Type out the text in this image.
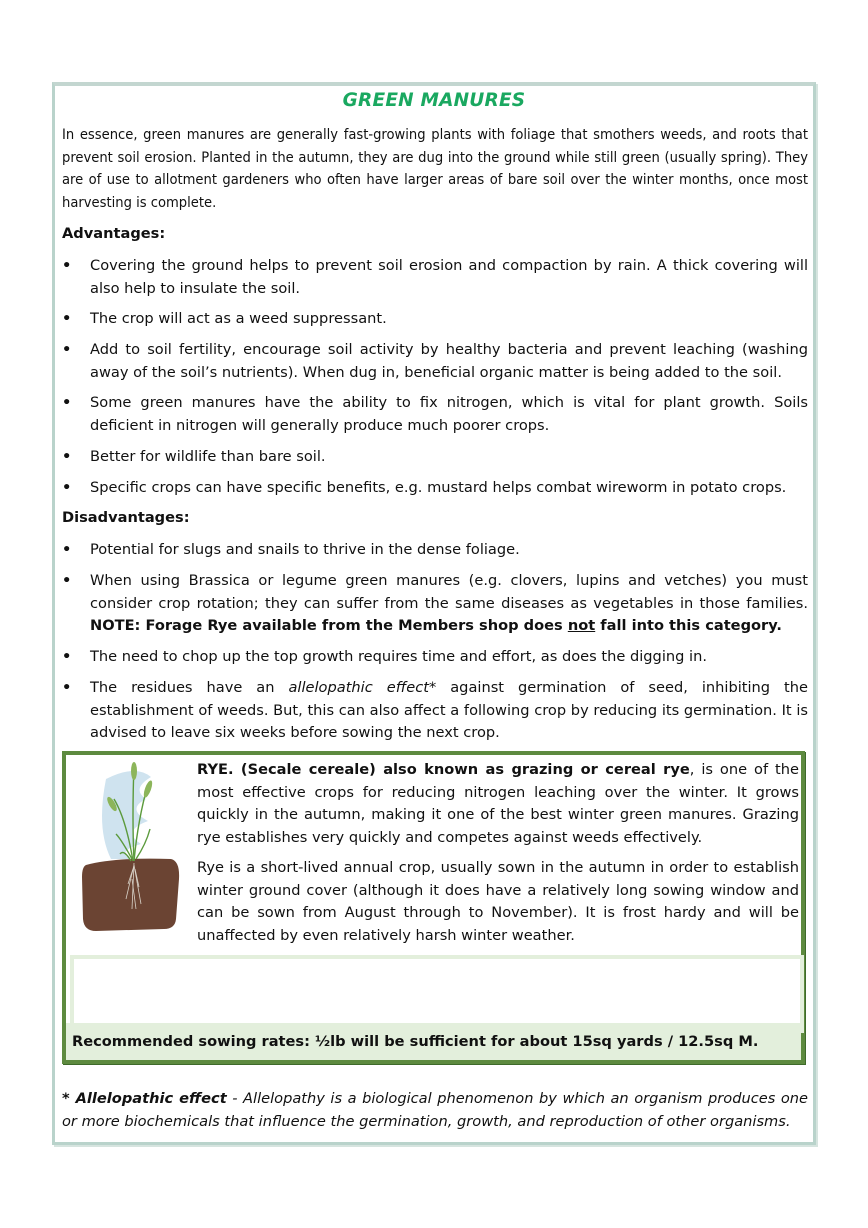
GREEN MANURES
In essence, green manures are generally fast-growing plants with foliage that smothers weeds, and roots that prevent soil erosion. Planted in the autumn, they are dug into the ground while still green (usually spring). They are of use to allotment gardeners who often have larger areas of bare soil over the winter months, once most harvesting is complete.
Advantages:
• Covering the ground helps to prevent soil erosion and compaction by rain. A thick covering will also help to insulate the soil.
• The crop will act as a weed suppressant.
• Add to soil fertility, encourage soil activity by healthy bacteria and prevent leaching (washing away of the soil’s nutrients). When dug in, beneficial organic matter is being added to the soil.
• Some green manures have the ability to fix nitrogen, which is vital for plant growth. Soils deficient in nitrogen will generally produce much poorer crops.
• Better for wildlife than bare soil.
• Specific crops can have specific benefits, e.g. mustard helps combat wireworm in potato crops.
Disadvantages:
• Potential for slugs and snails to thrive in the dense foliage.
• When using Brassica or legume green manures (e.g. clovers, lupins and vetches) you must consider crop rotation; they can suffer from the same diseases as vegetables in those families. NOTE: Forage Rye available from the Members shop does not fall into this category.
• The need to chop up the top growth requires time and effort, as does the digging in.
• The residues have an allelopathic effect* against germination of seed, inhibiting the establishment of weeds. But, this can also affect a following crop by reducing its germination. It is advised to leave six weeks before sowing the next crop.

RYE. (Secale cereale) also known as grazing or cereal rye, is one of the most effective crops for reducing nitrogen leaching over the winter. It grows quickly in the autumn, making it one of the best winter green manures. Grazing rye establishes very quickly and competes against weeds effectively.

Rye is a short-lived annual crop, usually sown in the autumn in order to establish winter ground cover (although it does have a relatively long sowing window and can be sown from August through to November). It is frost hardy and will be unaffected by even relatively harsh winter weather.

Recommended sowing rates: ½lb will be sufficient for about 15sq yards / 12.5sq M.
* Allelopathic effect - Allelopathy is a biological phenomenon by which an organism produces one or more biochemicals that influence the germination, growth, and reproduction of other organisms.
